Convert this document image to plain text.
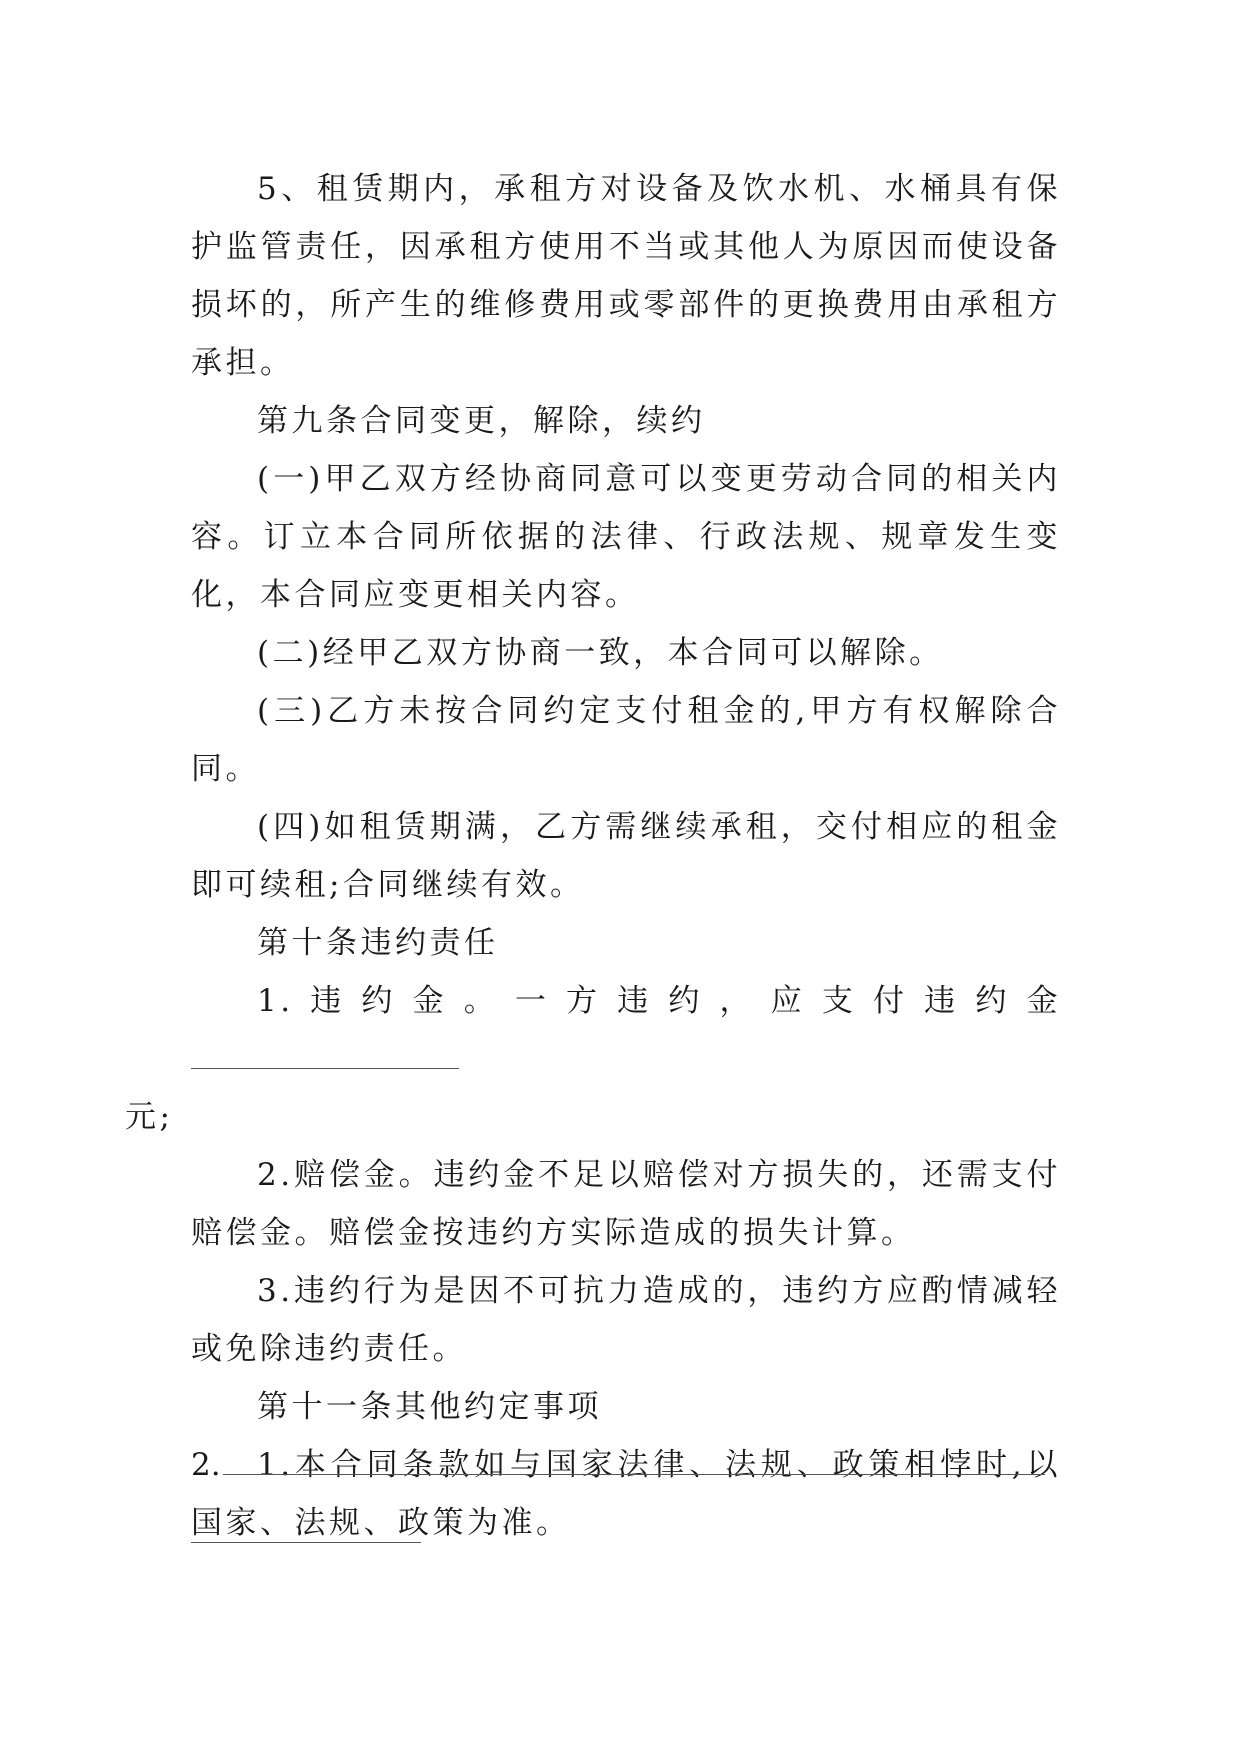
5、租赁期内，承租方对设备及饮水机、水桶具有保护监管责任，因承租方使用不当或其他人为原因而使设备损坏的，所产生的维修费用或零部件的更换费用由承租方承担。

第九条合同变更，解除，续约

(一)甲乙双方经协商同意可以变更劳动合同的相关内容。订立本合同所依据的法律、行政法规、规章发生变化，本合同应变更相关内容。

(二)经甲乙双方协商一致，本合同可以解除。

(三)乙方未按合同约定支付租金的,甲方有权解除合同。

(四)如租赁期满，乙方需继续承租，交付相应的租金即可续租;合同继续有效。

第十条违约责任

1.违约金。一方违约，应支付违约金
元;

2.赔偿金。违约金不足以赔偿对方损失的，还需支付赔偿金。赔偿金按违约方实际造成的损失计算。

3.违约行为是因不可抗力造成的，违约方应酌情减轻或免除违约责任。

第十一条其他约定事项

1.本合同条款如与国家法律、法规、政策相悖时,以国家、法规、政策为准。

2.
